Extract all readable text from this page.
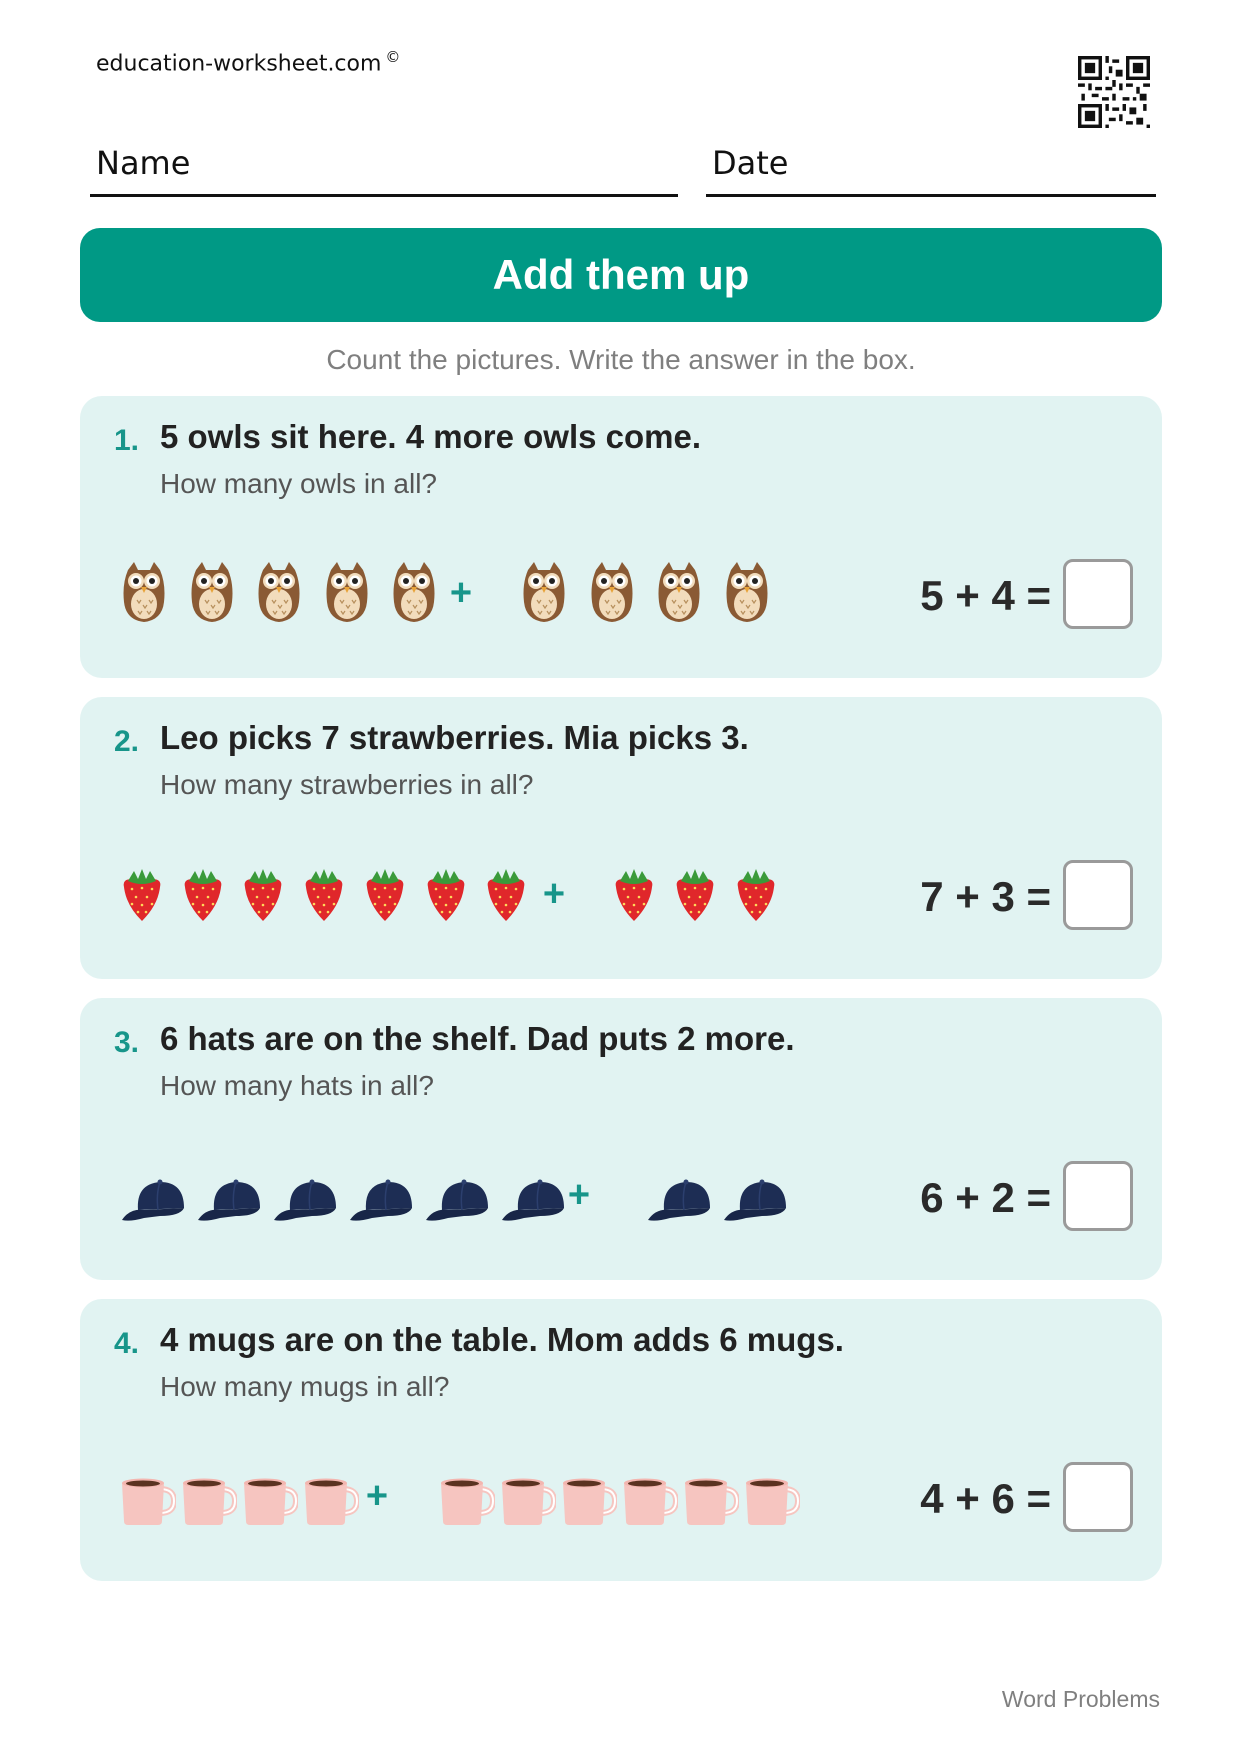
education-worksheet.com ©
Name	Date
Add them up
Count the pictures. Write the answer in the box.
1. 5 owls sit here. 4 more owls come.
How many owls in all?
+	5 + 4 =
2. Leo picks 7 strawberries. Mia picks 3.
How many strawberries in all?
+	7 + 3 =
3. 6 hats are on the shelf. Dad puts 2 more.
How many hats in all?
+	6 + 2 =
4. 4 mugs are on the table. Mom adds 6 mugs.
How many mugs in all?
+	4 + 6 =
Word Problems
